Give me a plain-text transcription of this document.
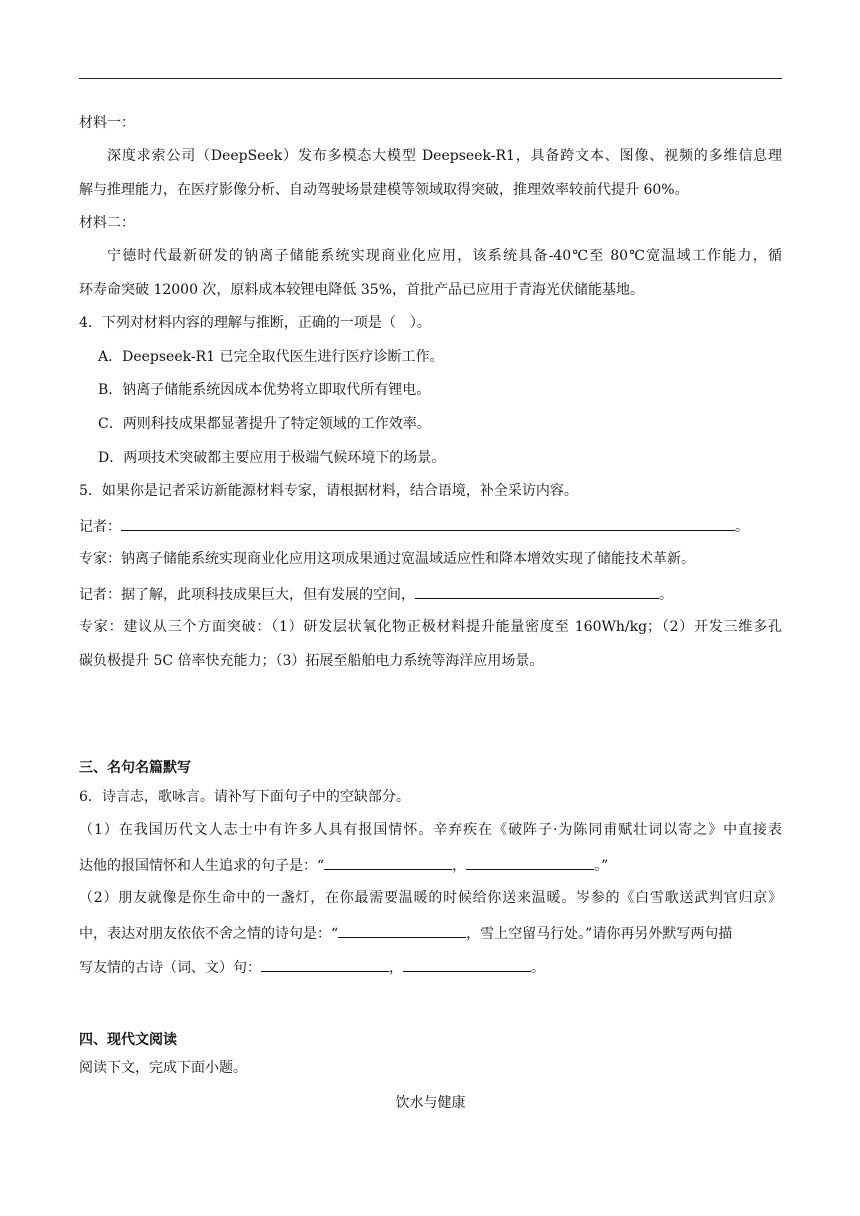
材料一：
深度求索公司（DeepSeek）发布多模态大模型 Deepseek-R1，具备跨文本、图像、视频的多维信息理
解与推理能力，在医疗影像分析、自动驾驶场景建模等领域取得突破，推理效率较前代提升 60%。
材料二：
宁德时代最新研发的钠离子储能系统实现商业化应用，该系统具备-40℃至 80℃宽温域工作能力，循
环寿命突破 12000 次，原料成本较锂电降低 35%，首批产品已应用于青海光伏储能基地。
4．下列对材料内容的理解与推断，正确的一项是（　）。
A．Deepseek-R1 已完全取代医生进行医疗诊断工作。
B．钠离子储能系统因成本优势将立即取代所有锂电。
C．两则科技成果都显著提升了特定领域的工作效率。
D．两项技术突破都主要应用于极端气候环境下的场景。
5．如果你是记者采访新能源材料专家，请根据材料，结合语境，补全采访内容。
记者：	。
专家：钠离子储能系统实现商业化应用这项成果通过宽温域适应性和降本增效实现了储能技术革新。
记者：据了解，此项科技成果巨大，但有发展的空间，	。
专家：建议从三个方面突破：（1）研发层状氧化物正极材料提升能量密度至 160Wh/kg；（2）开发三维多孔
碳负极提升 5C 倍率快充能力；（3）拓展至船舶电力系统等海洋应用场景。
三、名句名篇默写
6．诗言志，歌咏言。请补写下面句子中的空缺部分。
（1）在我国历代文人志士中有许多人具有报国情怀。辛弃疾在《破阵子·为陈同甫赋壮词以寄之》中直接表
达他的报国情怀和人生追求的句子是：“	，	。”
（2）朋友就像是你生命中的一盏灯，在你最需要温暖的时候给你送来温暖。岑参的《白雪歌送武判官归京》
中，表达对朋友依依不舍之情的诗句是：“	，雪上空留马行处。”请你再另外默写两句描
写友情的古诗（词、文）句：	，	。
四、现代文阅读
阅读下文，完成下面小题。
饮水与健康
